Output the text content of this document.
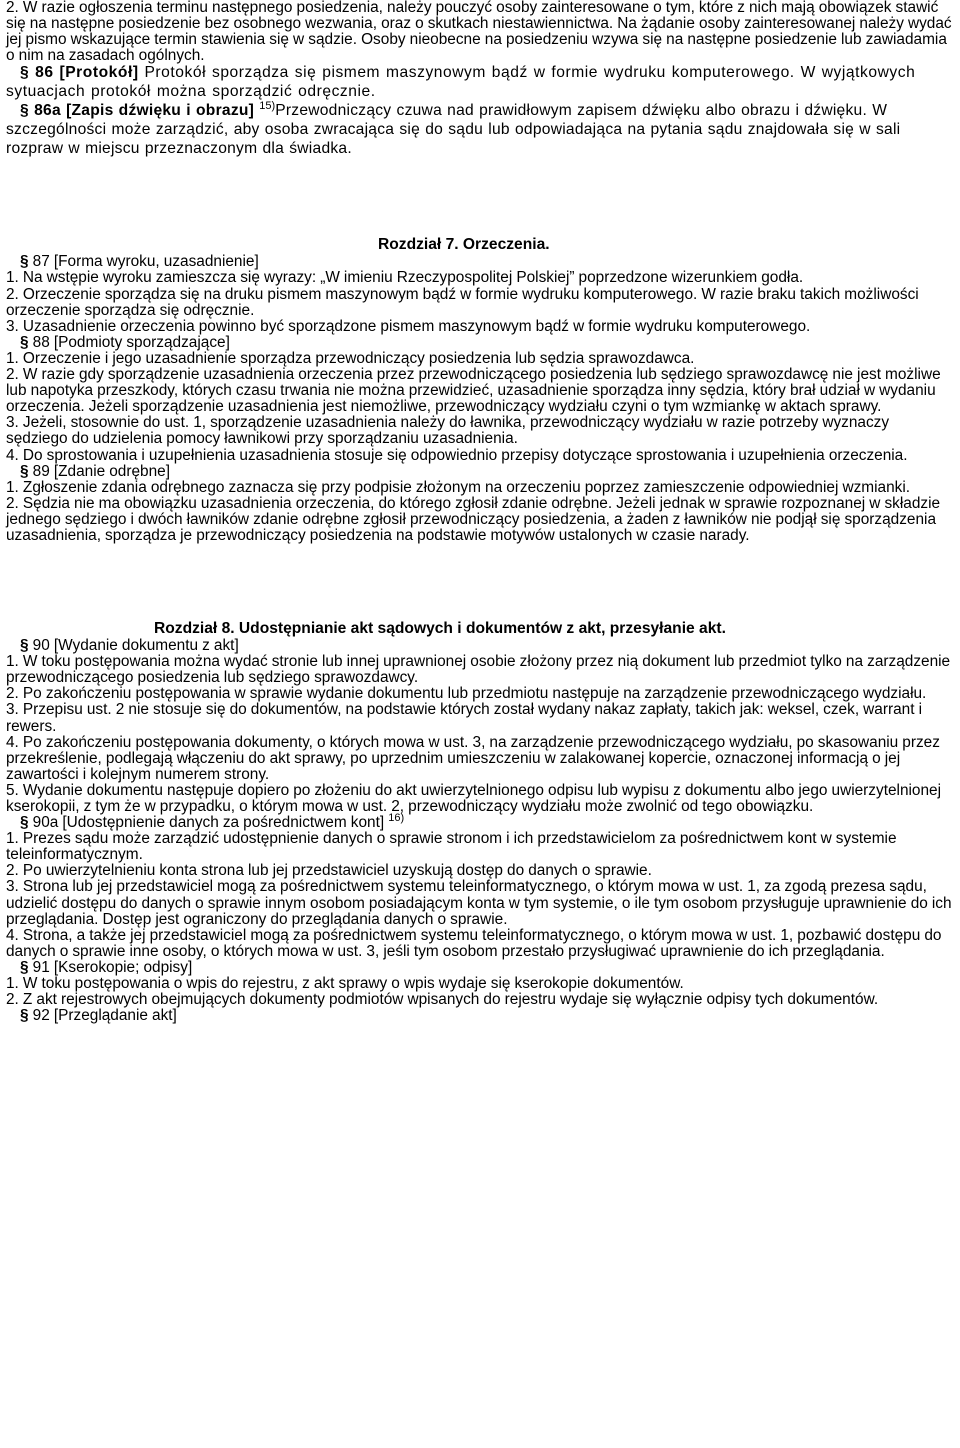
2. W razie ogłoszenia terminu następnego posiedzenia, należy pouczyć osoby zainteresowane o tym, które z nich mają obowiązek stawić się na następne posiedzenie bez osobnego wezwania, oraz o skutkach niestawiennictwa. Na żądanie osoby zainteresowanej należy wydać jej pismo wskazujące termin stawienia się w sądzie. Osoby nieobecne na posiedzeniu wzywa się na następne posiedzenie lub zawiadamia o nim na zasadach ogólnych.

§ 86 [Protokół] Protokół sporządza się pismem maszynowym bądź w formie wydruku komputerowego. W wyjątkowych sytuacjach protokół można sporządzić odręcznie.

§ 86a [Zapis dźwięku i obrazu] $^{15)}$Przewodniczący czuwa nad prawidłowym zapisem dźwięku albo obrazu i dźwięku. W szczególności może zarządzić, aby osoba zwracająca się do sądu lub odpowiadająca na pytania sądu znajdowała się w sali rozpraw w miejscu przeznaczonym dla świadka.

Rozdział 7. Orzeczenia.

§ 87 [Forma wyroku, uzasadnienie]

1. Na wstępie wyroku zamieszcza się wyrazy: „W imieniu Rzeczypospolitej Polskiej” poprzedzone wizerunkiem godła.

2. Orzeczenie sporządza się na druku pismem maszynowym bądź w formie wydruku komputerowego. W razie braku takich możliwości orzeczenie sporządza się odręcznie.

3. Uzasadnienie orzeczenia powinno być sporządzone pismem maszynowym bądź w formie wydruku komputerowego.

§ 88 [Podmioty sporządzające]

1. Orzeczenie i jego uzasadnienie sporządza przewodniczący posiedzenia lub sędzia sprawozdawca.

2. W razie gdy sporządzenie uzasadnienia orzeczenia przez przewodniczącego posiedzenia lub sędziego sprawozdawcę nie jest możliwe lub napotyka przeszkody, których czasu trwania nie można przewidzieć, uzasadnienie sporządza inny sędzia, który brał udział w wydaniu orzeczenia. Jeżeli sporządzenie uzasadnienia jest niemożliwe, przewodniczący wydziału czyni o tym wzmiankę w aktach sprawy.

3. Jeżeli, stosownie do ust. 1, sporządzenie uzasadnienia należy do ławnika, przewodniczący wydziału w razie potrzeby wyznaczy sędziego do udzielenia pomocy ławnikowi przy sporządzaniu uzasadnienia.

4. Do sprostowania i uzupełnienia uzasadnienia stosuje się odpowiednio przepisy dotyczące sprostowania i uzupełnienia orzeczenia.

§ 89 [Zdanie odrębne]

1. Zgłoszenie zdania odrębnego zaznacza się przy podpisie złożonym na orzeczeniu poprzez zamieszczenie odpowiedniej wzmianki.

2. Sędzia nie ma obowiązku uzasadnienia orzeczenia, do którego zgłosił zdanie odrębne. Jeżeli jednak w sprawie rozpoznanej w składzie jednego sędziego i dwóch ławników zdanie odrębne zgłosił przewodniczący posiedzenia, a żaden z ławników nie podjął się sporządzenia uzasadnienia, sporządza je przewodniczący posiedzenia na podstawie motywów ustalonych w czasie narady.

Rozdział 8. Udostępnianie akt sądowych i dokumentów z akt, przesyłanie akt.

§ 90 [Wydanie dokumentu z akt]

1. W toku postępowania można wydać stronie lub innej uprawnionej osobie złożony przez nią dokument lub przedmiot tylko na zarządzenie przewodniczącego posiedzenia lub sędziego sprawozdawcy.

2. Po zakończeniu postępowania w sprawie wydanie dokumentu lub przedmiotu następuje na zarządzenie przewodniczącego wydziału.

3. Przepisu ust. 2 nie stosuje się do dokumentów, na podstawie których został wydany nakaz zapłaty, takich jak: weksel, czek, warrant i rewers.

4. Po zakończeniu postępowania dokumenty, o których mowa w ust. 3, na zarządzenie przewodniczącego wydziału, po skasowaniu przez przekreślenie, podlegają włączeniu do akt sprawy, po uprzednim umieszczeniu w zalakowanej kopercie, oznaczonej informacją o jej zawartości i kolejnym numerem strony.

5. Wydanie dokumentu następuje dopiero po złożeniu do akt uwierzytelnionego odpisu lub wypisu z dokumentu albo jego uwierzytelnionej kserokopii, z tym że w przypadku, o którym mowa w ust. 2, przewodniczący wydziału może zwolnić od tego obowiązku.

§ 90a [Udostępnienie danych za pośrednictwem kont] $^{16)}$

1. Prezes sądu może zarządzić udostępnienie danych o sprawie stronom i ich przedstawicielom za pośrednictwem kont w systemie teleinformatycznym.

2. Po uwierzytelnieniu konta strona lub jej przedstawiciel uzyskują dostęp do danych o sprawie.

3. Strona lub jej przedstawiciel mogą za pośrednictwem systemu teleinformatycznego, o którym mowa w ust. 1, za zgodą prezesa sądu, udzielić dostępu do danych o sprawie innym osobom posiadającym konta w tym systemie, o ile tym osobom przysługuje uprawnienie do ich przeglądania. Dostęp jest ograniczony do przeglądania danych o sprawie.

4. Strona, a także jej przedstawiciel mogą za pośrednictwem systemu teleinformatycznego, o którym mowa w ust. 1, pozbawić dostępu do danych o sprawie inne osoby, o których mowa w ust. 3, jeśli tym osobom przestało przysługiwać uprawnienie do ich przeglądania.

§ 91 [Kserokopie; odpisy]

1. W toku postępowania o wpis do rejestru, z akt sprawy o wpis wydaje się kserokopie dokumentów.

2. Z akt rejestrowych obejmujących dokumenty podmiotów wpisanych do rejestru wydaje się wyłącznie odpisy tych dokumentów.

§ 92 [Przeglądanie akt]
